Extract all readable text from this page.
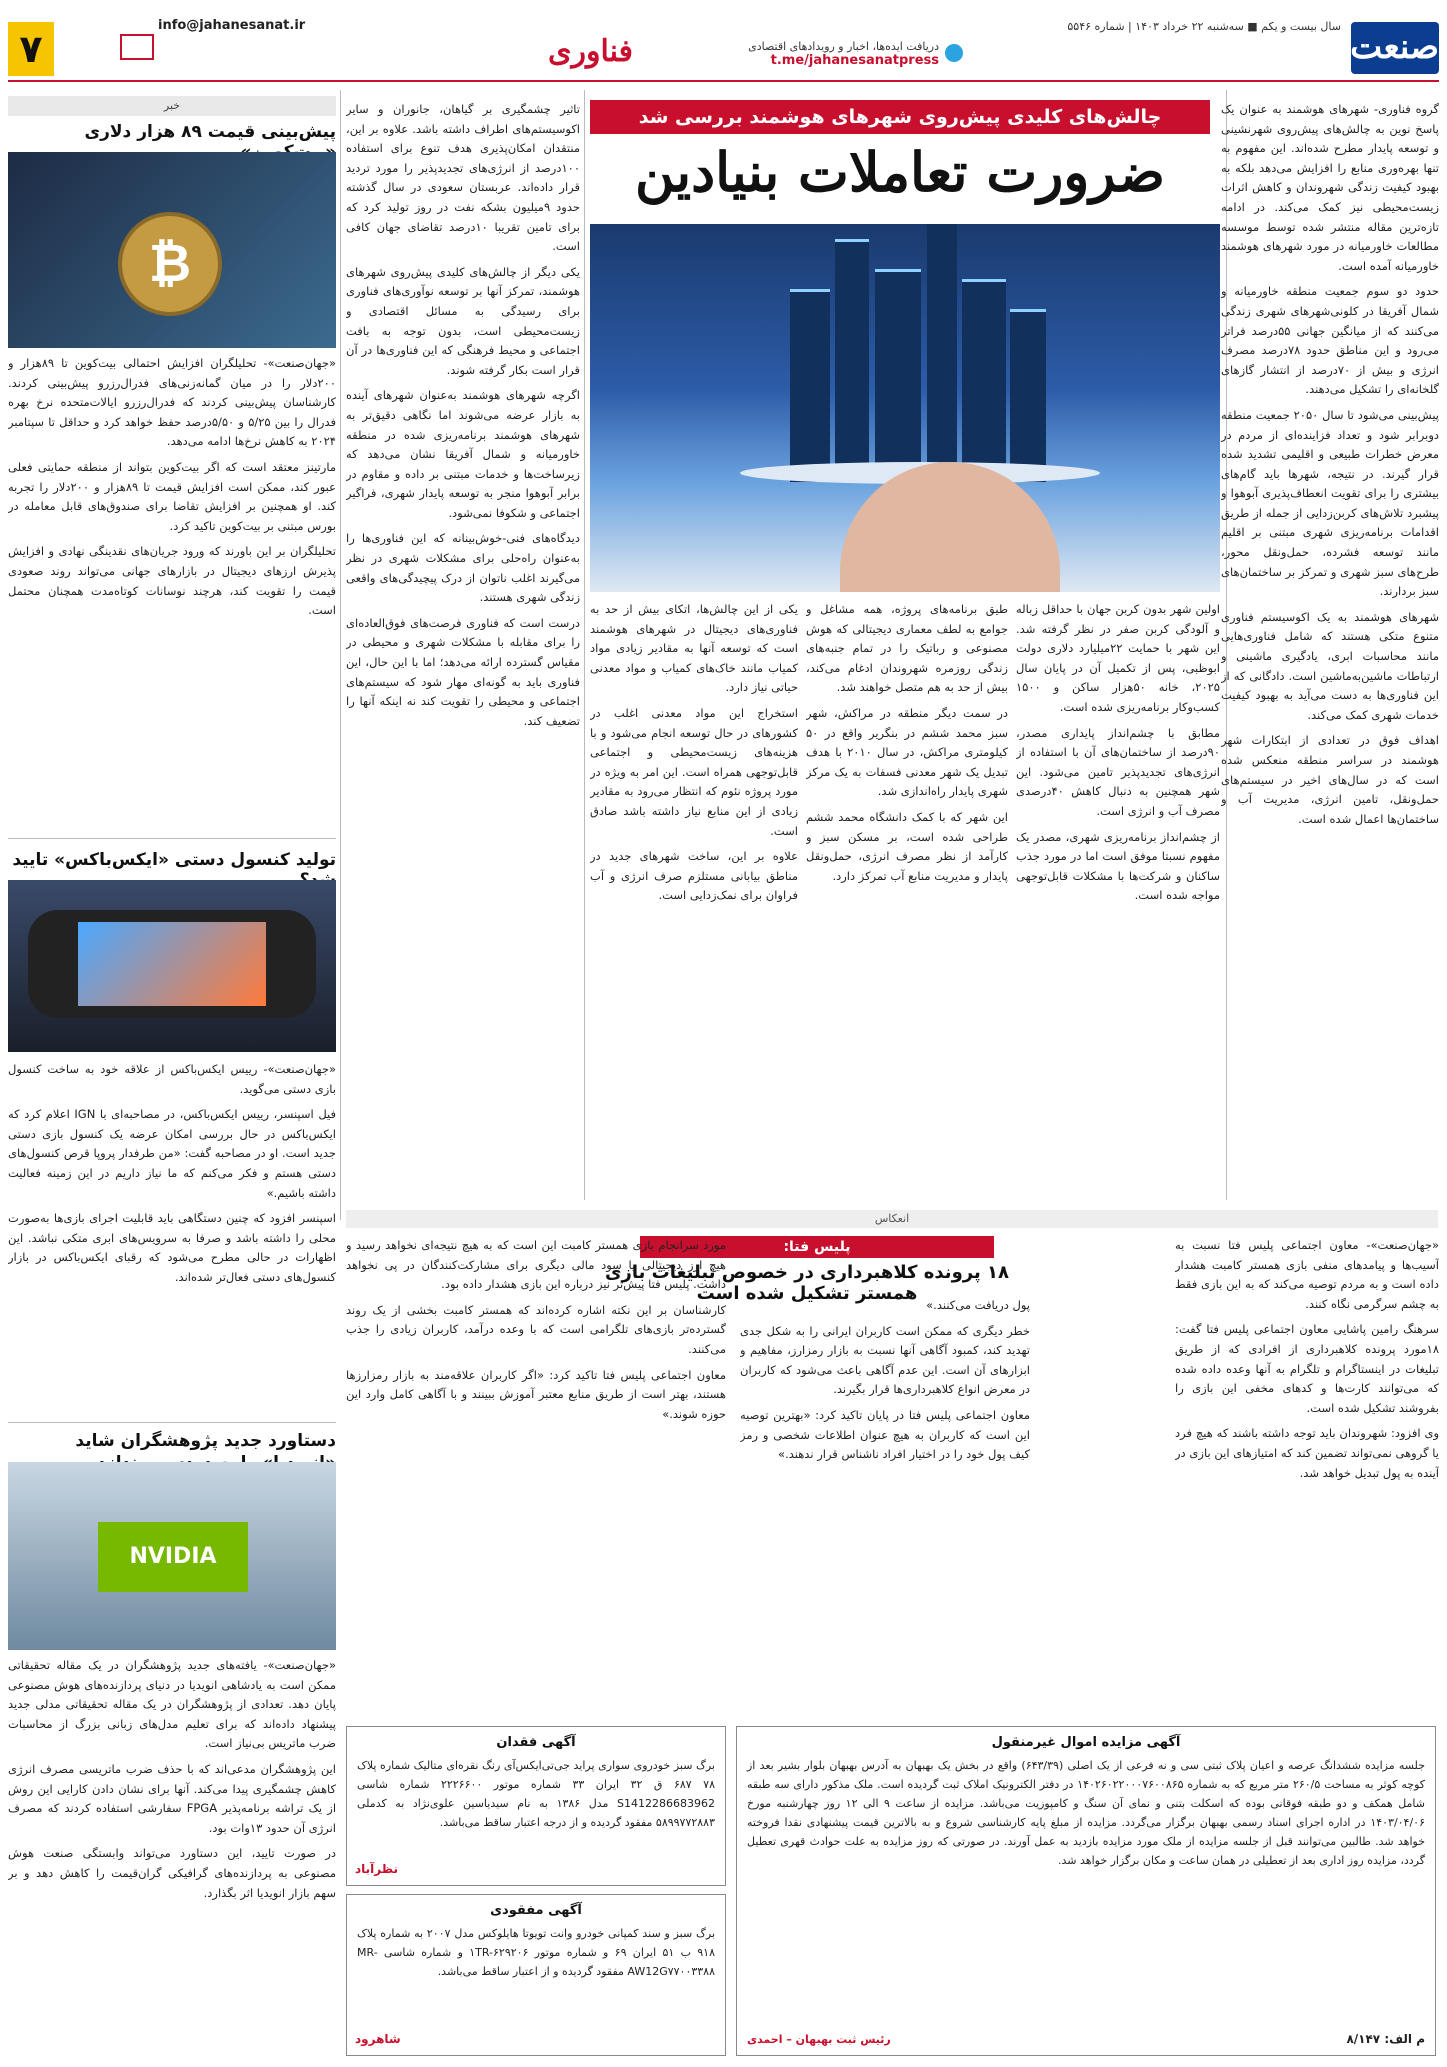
صنعت
سال بیست و یکم ■ سه‌شنبه ۲۲ خرداد ۱۴۰۳ | شماره ۵۵۴۶
دریافت ایده‌ها، اخبار و رویدادهای اقتصادی
t.me/jahanesanatpress
فناوری
info@jahanesanat.ir
۷
چالش‌های کلیدی پیش‌روی شهرهای هوشمند بررسی شد
ضرورت تعاملات بنیادین

گروه فناوری- شهرهای هوشمند به عنوان یک پاسخ نوین به چالش‌های پیش‌روی شهرنشینی و توسعه پایدار مطرح شده‌اند. این مفهوم به تنها بهره‌وری منابع را افزایش می‌دهد بلکه به بهبود کیفیت زندگی شهروندان و کاهش اثرات زیست‌محیطی نیز کمک می‌کند. در ادامه تازه‌ترین مقاله منتشر شده توسط موسسه مطالعات خاورمیانه در مورد شهرهای هوشمند خاورمیانه آمده است.

حدود دو سوم جمعیت منطقه خاورمیانه و شمال آفریقا در کلونی‌شهرهای شهری زندگی می‌کنند که از میانگین جهانی ۵۵درصد فراتر می‌رود و این مناطق حدود ۷۸درصد مصرف انرژی و بیش از ۷۰درصد از انتشار گازهای گلخانه‌ای را تشکیل می‌دهند.

پیش‌بینی می‌شود تا سال ۲۰۵۰ جمعیت منطقه دوبرابر شود و تعداد فزاینده‌ای از مردم در معرض خطرات طبیعی و اقلیمی تشدید شده قرار گیرند. در نتیجه، شهرها باید گام‌های بیشتری را برای تقویت انعطاف‌پذیری آبوهوا و پیشبرد تلاش‌های کربن‌زدایی از جمله از طریق اقدامات برنامه‌ریزی شهری مبتنی بر اقلیم مانند توسعه فشرده، حمل‌ونقل محور، طرح‌های سبز شهری و تمرکز بر ساختمان‌های سبز بردارند.

شهرهای هوشمند به یک اکوسیستم فناوری متنوع متکی هستند که شامل فناوری‌هایی مانند محاسبات ابری، یادگیری ماشینی و ارتباطات ماشین‌به‌ماشین است. دادگانی که از این فناوری‌ها به دست می‌آید به بهبود کیفیت خدمات شهری کمک می‌کند.

اهداف فوق در تعدادی از ابتکارات شهر هوشمند در سراسر منطقه منعکس شده است که در سال‌های اخیر در سیستم‌های حمل‌ونقل، تامین انرژی، مدیریت آب و ساختمان‌ها اعمال شده است.

اولین شهر بدون کربن جهان با حداقل زباله و آلودگی کربن صفر در نظر گرفته شد. این شهر با حمایت ۲۲میلیارد دلاری دولت ابوظبی، پس از تکمیل آن در پایان سال ۲۰۲۵، خانه ۵۰هزار ساکن و ۱۵۰۰ کسب‌وکار برنامه‌ریزی شده است.

مطابق با چشم‌انداز پایداری مصدر، ۹۰درصد از ساختمان‌های آن با استفاده از انرژی‌های تجدیدپذیر تامین می‌شود. این شهر همچنین به دنبال کاهش ۴۰درصدی مصرف آب و انرژی است.

از چشم‌انداز برنامه‌ریزی شهری، مصدر یک مفهوم نسبتا موفق است اما در مورد جذب ساکنان و شرکت‌ها با مشکلات قابل‌توجهی مواجه شده است.

طیق برنامه‌های پروژه، همه مشاغل و جوامع به لطف معماری دیجیتالی که هوش مصنوعی و رباتیک را در تمام جنبه‌های زندگی روزمره شهروندان ادغام می‌کند، بیش از حد به هم متصل خواهند شد.

در سمت دیگر منطقه در مراکش، شهر سبز محمد ششم در بنگریر واقع در ۵۰ کیلومتری مراکش، در سال ۲۰۱۰ با هدف تبدیل یک شهر معدنی فسفات به یک مرکز شهری پایدار راه‌اندازی شد.

این شهر که با کمک دانشگاه محمد ششم طراحی شده است، بر مسکن سبز و کارآمد از نظر مصرف انرژی، حمل‌ونقل پایدار و مدیریت منابع آب تمرکز دارد.

یکی از این چالش‌ها، اتکای بیش از حد به فناوری‌های دیجیتال در شهرهای هوشمند است که توسعه آنها به مقادیر زیادی مواد کمیاب مانند خاک‌های کمیاب و مواد معدنی حیاتی نیاز دارد.

استخراج این مواد معدنی اغلب در کشورهای در حال توسعه انجام می‌شود و با هزینه‌های زیست‌محیطی و اجتماعی قابل‌توجهی همراه است. این امر به ویژه در مورد پروژه نئوم که انتظار می‌رود به مقادیر زیادی از این منابع نیاز داشته باشد صادق است.

علاوه بر این، ساخت شهرهای جدید در مناطق بیابانی مستلزم صرف انرژی و آب فراوان برای نمک‌زدایی است.

تاثیر چشمگیری بر گیاهان، جانوران و سایر اکوسیستم‌های اطراف داشته باشد. علاوه بر این، منتقدان امکان‌پذیری هدف تنوع برای استفاده ۱۰۰درصد از انرژی‌های تجدیدپذیر را مورد تردید قرار داده‌اند. عربستان سعودی در سال گذشته حدود ۹میلیون بشکه نفت در روز تولید کرد که برای تامین تقریبا ۱۰درصد تقاضای جهان کافی است.

یکی دیگر از چالش‌های کلیدی پیش‌روی شهرهای هوشمند، تمرکز آنها بر توسعه نوآوری‌های فناوری برای رسیدگی به مسائل اقتصادی و زیست‌محیطی است، بدون توجه به بافت اجتماعی و محیط فرهنگی که این فناوری‌ها در آن قرار است بکار گرفته شوند.

اگرچه شهرهای هوشمند به‌عنوان شهرهای آینده به بازار عرضه می‌شوند اما نگاهی دقیق‌تر به شهرهای هوشمند برنامه‌ریزی شده در منطقه خاورمیانه و شمال آفریقا نشان می‌دهد که زیرساخت‌ها و خدمات مبتنی بر داده و مقاوم در برابر آبوهوا منجر به توسعه پایدار شهری، فراگیر اجتماعی و شکوفا نمی‌شود.

دیدگاه‌های فنی-خوش‌بینانه که این فناوری‌ها را به‌عنوان راه‌حلی برای مشکلات شهری در نظر می‌گیرند اغلب ناتوان از درک پیچیدگی‌های واقعی زندگی شهری هستند.

درست است که فناوری فرصت‌های فوق‌العاده‌ای را برای مقابله با مشکلات شهری و محیطی در مقیاس گسترده ارائه می‌دهد؛ اما با این حال، این فناوری باید به گونه‌ای مهار شود که سیستم‌های اجتماعی و محیطی را تقویت کند نه اینکه آنها را تضعیف کند.

خبر
پیش‌بینی قیمت ۸۹ هزار دلاری
₿

«جهان‌صنعت»- تحلیلگران افزایش احتمالی بیت‌کوین تا ۸۹هزار و ۲۰۰دلار را در میان گمانه‌زنی‌های فدرال‌رزرو پیش‌بینی کردند. کارشناسان پیش‌بینی کردند که فدرال‌رزرو ایالات‌متحده نرخ بهره فدرال را بین ۵/۲۵ و ۵/۵۰درصد حفظ خواهد کرد و حداقل تا سپتامبر ۲۰۲۴ به کاهش نرخ‌ها ادامه می‌دهد.

مارتینز معتقد است که اگر بیت‌کوین بتواند از منطقه حمایتی فعلی عبور کند، ممکن است افزایش قیمت تا ۸۹هزار و ۲۰۰دلار را تجربه کند. او همچنین بر افزایش تقاضا برای صندوق‌های قابل معامله در بورس مبتنی بر بیت‌کوین تاکید کرد.

تحلیلگران بر این باورند که ورود جریان‌های نقدینگی نهادی و افزایش پذیرش ارزهای دیجیتال در بازارهای جهانی می‌تواند روند صعودی قیمت را تقویت کند، هرچند نوسانات کوتاه‌مدت همچنان محتمل است.

تولید کنسول دستی «ایکس‌باکس» تایید

«جهان‌صنعت»- رییس ایکس‌باکس از علاقه خود به ساخت کنسول بازی دستی می‌گوید.

فیل اسپنسر، رییس ایکس‌باکس، در مصاحبه‌ای با IGN اعلام کرد که ایکس‌باکس در حال بررسی امکان عرضه یک کنسول بازی دستی جدید است. او در مصاحبه گفت: «من طرفدار پروپا قرص کنسول‌های دستی هستم و فکر می‌کنم که ما نیاز داریم در این زمینه فعالیت داشته باشیم.»

اسپنسر افزود که چنین دستگاهی باید قابلیت اجرای بازی‌ها به‌صورت محلی را داشته باشد و صرفا به سرویس‌های ابری متکی نباشد. این اظهارات در حالی مطرح می‌شود که رقبای ایکس‌باکس در بازار کنسول‌های دستی فعال‌تر شده‌اند.

دستاورد جدید پژوهشگران شاید
NVIDIA

«جهان‌صنعت»- یافته‌های جدید پژوهشگران در یک مقاله تحقیقاتی ممکن است به یادشاهی انویدیا در دنیای پردازنده‌های هوش مصنوعی پایان دهد. تعدادی از پژوهشگران در یک مقاله تحقیقاتی مدلی جدید پیشنهاد داده‌اند که برای تعلیم مدل‌های زبانی بزرگ از محاسبات ضرب ماتریس بی‌نیاز است.

این پژوهشگران مدعی‌اند که با حذف ضرب ماتریسی مصرف انرژی کاهش چشمگیری پیدا می‌کند. آنها برای نشان دادن کارایی این روش از یک تراشه برنامه‌پذیر FPGA سفارشی استفاده کردند که مصرف انرژی آن حدود ۱۳وات بود.

در صورت تایید، این دستاورد می‌تواند وابستگی صنعت هوش مصنوعی به پردازنده‌های گرافیکی گران‌قیمت را کاهش دهد و بر سهم بازار انویدیا اثر بگذارد.

انعکاس
پلیس فتا:
۱۸ پرونده کلاهبرداری در خصوص تبلیغات بازی همستر تشکیل شده است

«جهان‌صنعت»- معاون اجتماعی پلیس فتا نسبت به آسیب‌ها و پیامدهای منفی بازی همستر کامبت هشدار داده است و به مردم توصیه می‌کند که به این بازی فقط به چشم سرگرمی نگاه کنند.

سرهنگ رامین پاشایی معاون اجتماعی پلیس فتا گفت: ۱۸مورد پرونده کلاهبرداری از افرادی که از طریق تبلیغات در اینستاگرام و تلگرام به آنها وعده داده شده که می‌توانند کارت‌ها و کدهای مخفی این بازی را بفروشند تشکیل شده است.

وی افزود: شهروندان باید توجه داشته باشند که هیچ فرد یا گروهی نمی‌تواند تضمین کند که امتیازهای این بازی در آینده به پول تبدیل خواهد شد.

پول دریافت می‌کنند.»

خطر دیگری که ممکن است کاربران ایرانی را به شکل جدی تهدید کند، کمبود آگاهی آنها نسبت به بازار رمزارز، مفاهیم و ابزارهای آن است. این عدم آگاهی باعث می‌شود که کاربران در معرض انواع کلاهبرداری‌ها قرار بگیرند.

معاون اجتماعی پلیس فتا در پایان تاکید کرد: «بهترین توصیه این است که کاربران به هیچ عنوان اطلاعات شخصی و رمز کیف پول خود را در اختیار افراد ناشناس قرار ندهند.»

مورد سرانجام بازی همستر کامبت این است که به هیچ نتیجه‌ای نخواهد رسید و هیچ ارز دیجیتالی یا سود مالی دیگری برای مشارکت‌کنندگان در پی نخواهد داشت. پلیس فتا پیش‌تر نیز درباره این بازی هشدار داده بود.

کارشناسان بر این نکته اشاره کرده‌اند که همستر کامبت بخشی از یک روند گسترده‌تر بازی‌های تلگرامی است که با وعده درآمد، کاربران زیادی را جذب می‌کنند.

معاون اجتماعی پلیس فتا تاکید کرد: «اگر کاربران علاقه‌مند به بازار رمزارزها هستند، بهتر است از طریق منابع معتبر آموزش ببینند و با آگاهی کامل وارد این حوزه شوند.»

آگهی مزایده اموال غیرمنقول
جلسه مزایده ششدانگ عرصه و اعیان پلاک ثبتی سی و نه فرعی از یک اصلی (۶۴۳/۳۹) واقع در بخش یک بهبهان به آدرس بهبهان بلوار بشیر بعد از کوچه کوثر به مساحت ۲۶۰/۵ متر مربع که به شماره ۱۴۰۲۶۰۲۲۰۰۰۷۶۰۰۸۶۵ در دفتر الکترونیک املاک ثبت گردیده است. ملک مذکور دارای سه طبقه شامل همکف و دو طبقه فوقانی بوده که اسکلت بتنی و نمای آن سنگ و کامپوزیت می‌باشد. مزایده از ساعت ۹ الی ۱۲ روز چهارشنبه مورخ ۱۴۰۳/۰۴/۰۶ در اداره اجرای اسناد رسمی بهبهان برگزار می‌گردد. مزایده از مبلغ پایه کارشناسی شروع و به بالاترین قیمت پیشنهادی نقدا فروخته خواهد شد. طالبین می‌توانند قبل از جلسه مزایده از ملک مورد مزایده بازدید به عمل آورند. در صورتی که روز مزایده به علت حوادث قهری تعطیل گردد، مزایده روز اداری بعد از تعطیلی در همان ساعت و مکان برگزار خواهد شد.
م الف: ۸/۱۴۷
رئیس ثبت بهبهان – احمدی
آگهی فقدان
برگ سبز خودروی سواری پراید جی‌تی‌ایکس‌آی رنگ نقره‌ای متالیک شماره پلاک ۷۸ ۶۸۷ ق ۳۲ ایران ۳۳ شماره موتور ۲۲۲۶۶۰۰ شماره شاسی S1412286683962 مدل ۱۳۸۶ به نام سیدیاسین علوی‌نژاد به کدملی ۵۸۹۹۷۷۲۸۸۳ مفقود گردیده و از درجه اعتبار ساقط می‌باشد.
نظرآباد
آگهی مفقودی
برگ سبز و سند کمپانی خودرو وانت تویوتا هایلوکس مدل ۲۰۰۷ به شماره پلاک ۹۱۸ ب ۵۱ ایران ۶۹ و شماره موتور ۱TR-۶۲۹۲۰۶ و شماره شاسی MR-AW12G۷۷۰۰۳۳۸۸ مفقود گردیده و از اعتبار ساقط می‌باشد.
شاهرود
